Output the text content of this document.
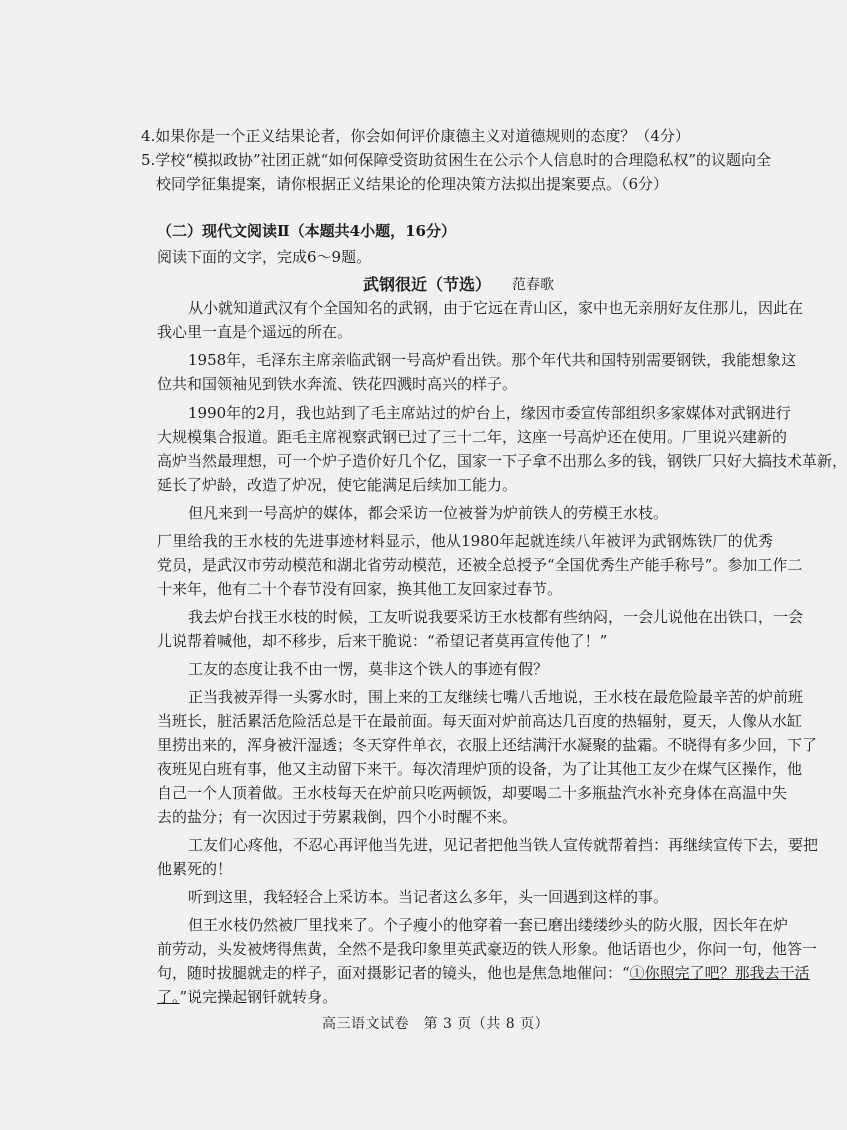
4.如果你是一个正义结果论者，你会如何评价康德主义对道德规则的态度？（4分）
5.学校“模拟政协”社团正就“如何保障受资助贫困生在公示个人信息时的合理隐私权”的议题向全
校同学征集提案，请你根据正义结果论的伦理决策方法拟出提案要点。（6分）
（二）现代文阅读Ⅱ（本题共4小题，16分）
阅读下面的文字，完成6～9题。
武钢很近（节选） 范春歌
从小就知道武汉有个全国知名的武钢，由于它远在青山区，家中也无亲朋好友住那儿，因此在
我心里一直是个遥远的所在。
1958年，毛泽东主席亲临武钢一号高炉看出铁。那个年代共和国特别需要钢铁，我能想象这
位共和国领袖见到铁水奔流、铁花四溅时高兴的样子。
1990年的2月，我也站到了毛主席站过的炉台上，缘因市委宣传部组织多家媒体对武钢进行
大规模集合报道。距毛主席视察武钢已过了三十二年，这座一号高炉还在使用。厂里说兴建新的
高炉当然最理想，可一个炉子造价好几个亿，国家一下子拿不出那么多的钱，钢铁厂只好大搞技术革新，
延长了炉龄，改造了炉况，使它能满足后续加工能力。
但凡来到一号高炉的媒体，都会采访一位被誉为炉前铁人的劳模王水枝。
厂里给我的王水枝的先进事迹材料显示，他从1980年起就连续八年被评为武钢炼铁厂的优秀
党员，是武汉市劳动模范和湖北省劳动模范，还被全总授予“全国优秀生产能手称号”。参加工作二
十来年，他有二十个春节没有回家，换其他工友回家过春节。
我去炉台找王水枝的时候，工友听说我要采访王水枝都有些纳闷，一会儿说他在出铁口，一会
儿说帮着喊他，却不移步，后来干脆说：“希望记者莫再宣传他了！”
工友的态度让我不由一愣，莫非这个铁人的事迹有假？
正当我被弄得一头雾水时，围上来的工友继续七嘴八舌地说，王水枝在最危险最辛苦的炉前班
当班长，脏活累活危险活总是干在最前面。每天面对炉前高达几百度的热辐射，夏天，人像从水缸
里捞出来的，浑身被汗湿透；冬天穿件单衣，衣服上还结满汗水凝聚的盐霜。不晓得有多少回，下了
夜班见白班有事，他又主动留下来干。每次清理炉顶的设备，为了让其他工友少在煤气区操作，他
自己一个人顶着做。王水枝每天在炉前只吃两顿饭，却要喝二十多瓶盐汽水补充身体在高温中失
去的盐分；有一次因过于劳累栽倒，四个小时醒不来。
工友们心疼他，不忍心再评他当先进，见记者把他当铁人宣传就帮着挡：再继续宣传下去，要把
他累死的！
听到这里，我轻轻合上采访本。当记者这么多年，头一回遇到这样的事。
但王水枝仍然被厂里找来了。个子瘦小的他穿着一套已磨出缕缕纱头的防火服，因长年在炉
前劳动，头发被烤得焦黄，全然不是我印象里英武豪迈的铁人形象。他话语也少，你问一句，他答一
句，随时拔腿就走的样子，面对摄影记者的镜头，他也是焦急地催问：“①你照完了吧？那我去干活
了。”说完操起钢钎就转身。
高三语文试卷　第 3 页（共 8 页）
